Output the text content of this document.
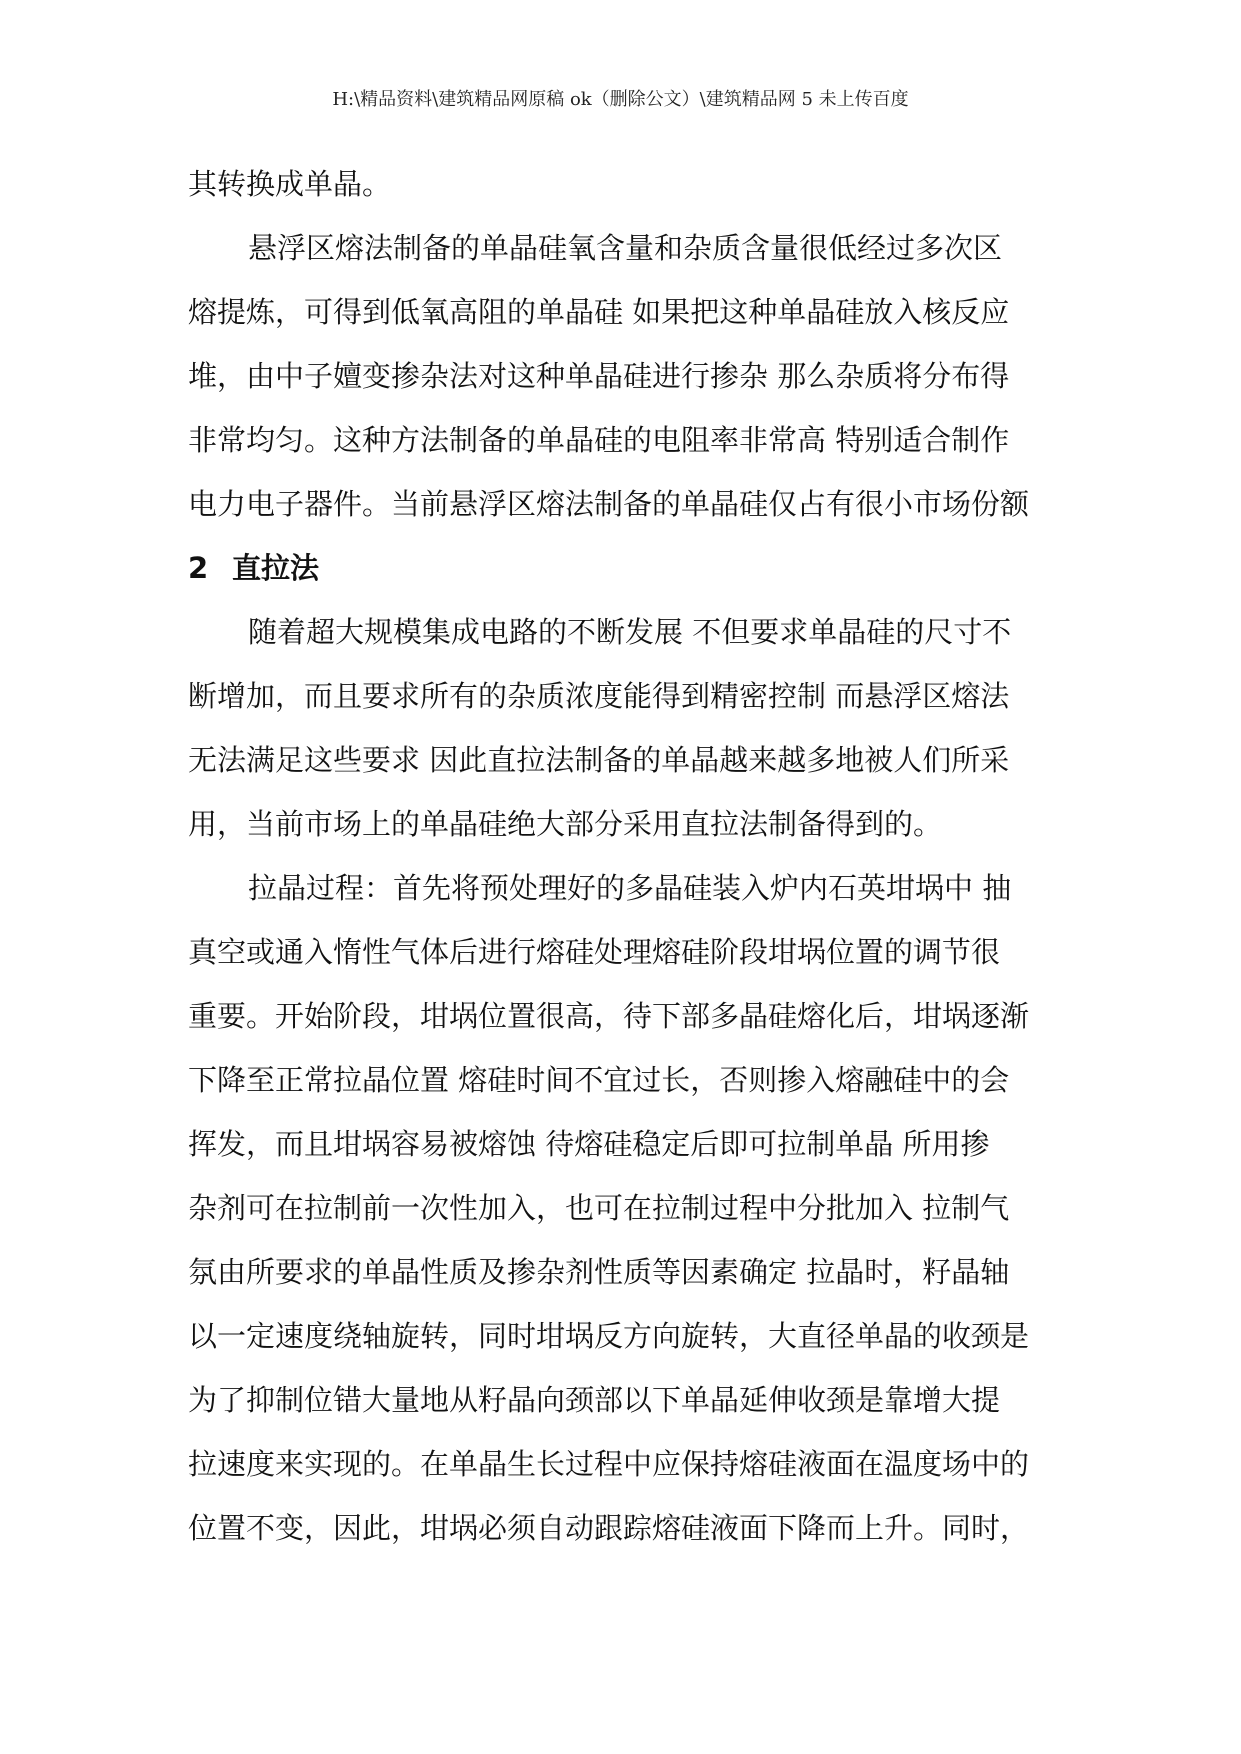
H:\精品资料\建筑精品网原稿 ok（删除公文）\建筑精品网 5 未上传百度
其转换成单晶。
悬浮区熔法制备的单晶硅氧含量和杂质含量很低经过多次区
熔提炼，可得到低氧高阻的单晶硅 如果把这种单晶硅放入核反应
堆，由中子嬗变掺杂法对这种单晶硅进行掺杂 那么杂质将分布得
非常均匀。这种方法制备的单晶硅的电阻率非常高 特别适合制作
电力电子器件。当前悬浮区熔法制备的单晶硅仅占有很小市场份额
2 直拉法
随着超大规模集成电路的不断发展 不但要求单晶硅的尺寸不
断增加，而且要求所有的杂质浓度能得到精密控制 而悬浮区熔法
无法满足这些要求 因此直拉法制备的单晶越来越多地被人们所采
用，当前市场上的单晶硅绝大部分采用直拉法制备得到的。
拉晶过程：首先将预处理好的多晶硅装入炉内石英坩埚中 抽
真空或通入惰性气体后进行熔硅处理熔硅阶段坩埚位置的调节很
重要。开始阶段，坩埚位置很高，待下部多晶硅熔化后，坩埚逐渐
下降至正常拉晶位置 熔硅时间不宜过长，否则掺入熔融硅中的会
挥发，而且坩埚容易被熔蚀 待熔硅稳定后即可拉制单晶 所用掺
杂剂可在拉制前一次性加入，也可在拉制过程中分批加入 拉制气
氛由所要求的单晶性质及掺杂剂性质等因素确定 拉晶时，籽晶轴
以一定速度绕轴旋转，同时坩埚反方向旋转，大直径单晶的收颈是
为了抑制位错大量地从籽晶向颈部以下单晶延伸收颈是靠增大提
拉速度来实现的。在单晶生长过程中应保持熔硅液面在温度场中的
位置不变，因此，坩埚必须自动跟踪熔硅液面下降而上升。同时，
